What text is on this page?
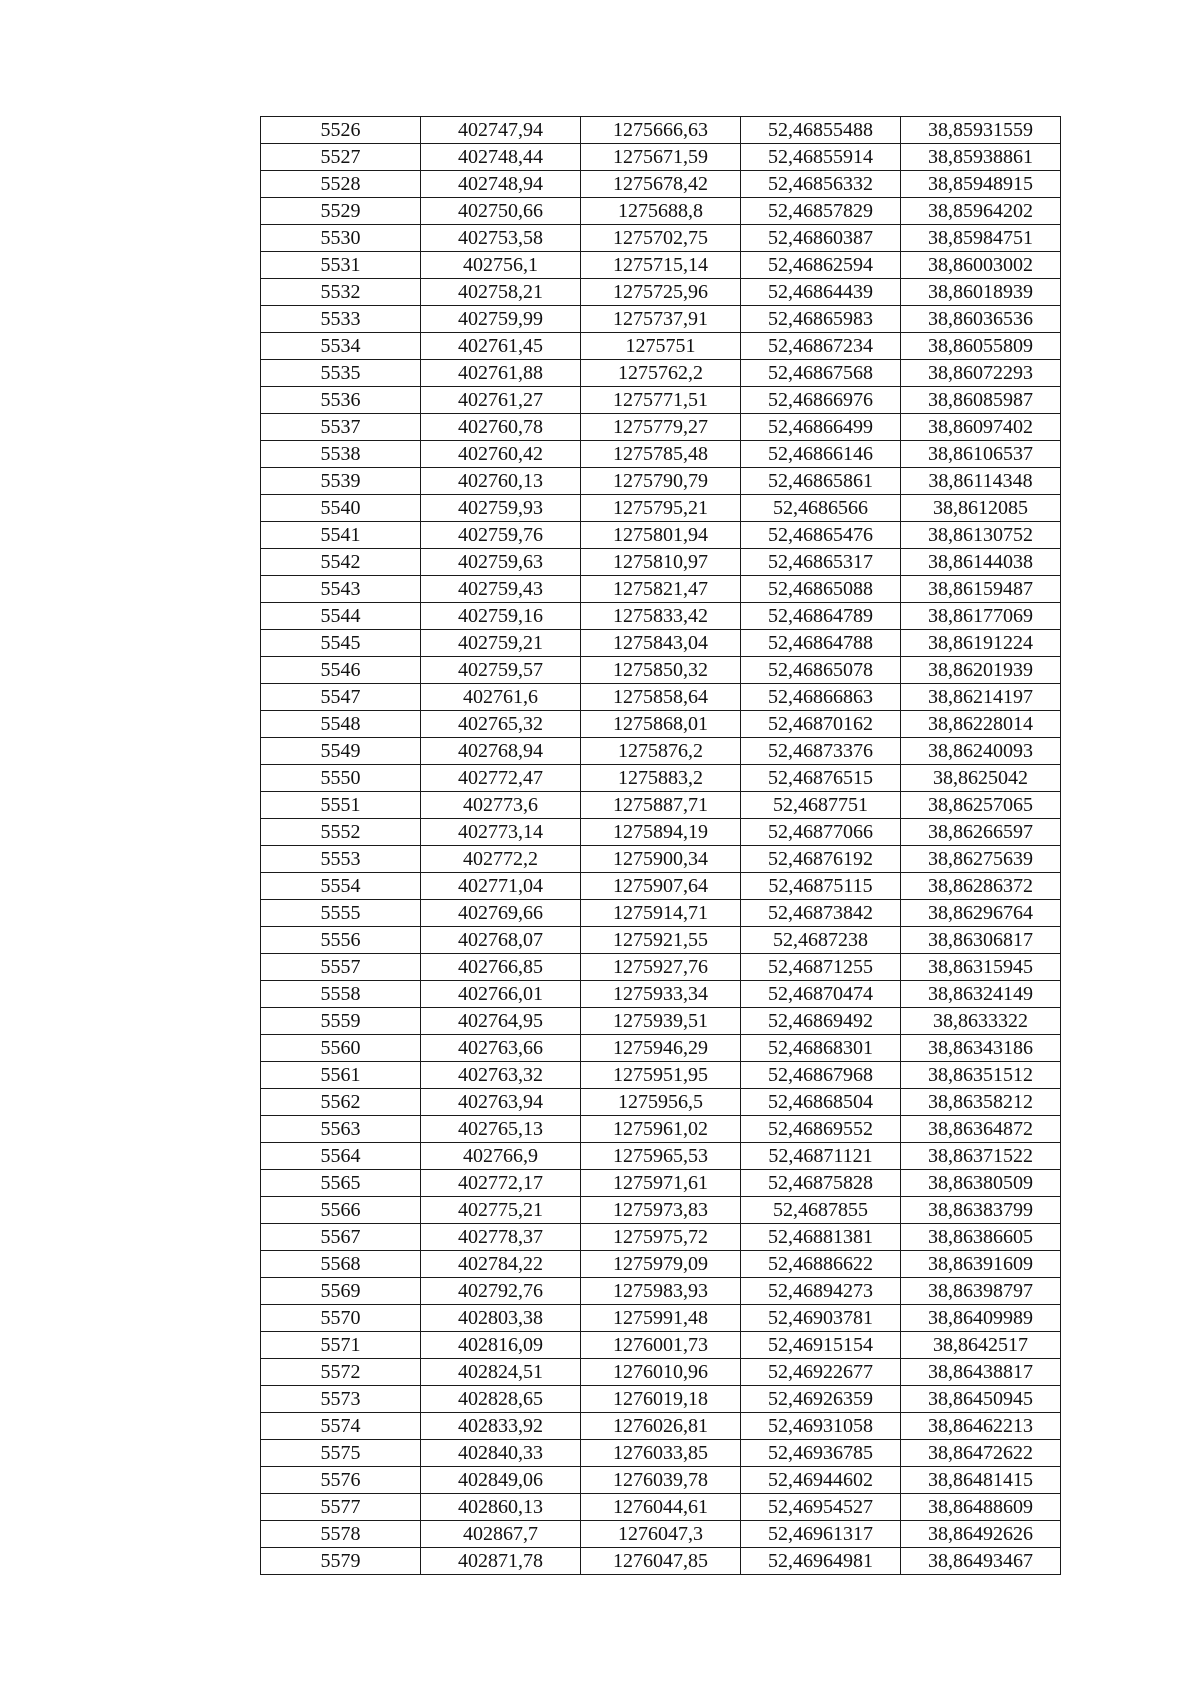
5526	402747,94	1275666,63	52,46855488	38,85931559
5527	402748,44	1275671,59	52,46855914	38,85938861
5528	402748,94	1275678,42	52,46856332	38,85948915
5529	402750,66	1275688,8	52,46857829	38,85964202
5530	402753,58	1275702,75	52,46860387	38,85984751
5531	402756,1	1275715,14	52,46862594	38,86003002
5532	402758,21	1275725,96	52,46864439	38,86018939
5533	402759,99	1275737,91	52,46865983	38,86036536
5534	402761,45	1275751	52,46867234	38,86055809
5535	402761,88	1275762,2	52,46867568	38,86072293
5536	402761,27	1275771,51	52,46866976	38,86085987
5537	402760,78	1275779,27	52,46866499	38,86097402
5538	402760,42	1275785,48	52,46866146	38,86106537
5539	402760,13	1275790,79	52,46865861	38,86114348
5540	402759,93	1275795,21	52,4686566	38,8612085
5541	402759,76	1275801,94	52,46865476	38,86130752
5542	402759,63	1275810,97	52,46865317	38,86144038
5543	402759,43	1275821,47	52,46865088	38,86159487
5544	402759,16	1275833,42	52,46864789	38,86177069
5545	402759,21	1275843,04	52,46864788	38,86191224
5546	402759,57	1275850,32	52,46865078	38,86201939
5547	402761,6	1275858,64	52,46866863	38,86214197
5548	402765,32	1275868,01	52,46870162	38,86228014
5549	402768,94	1275876,2	52,46873376	38,86240093
5550	402772,47	1275883,2	52,46876515	38,8625042
5551	402773,6	1275887,71	52,4687751	38,86257065
5552	402773,14	1275894,19	52,46877066	38,86266597
5553	402772,2	1275900,34	52,46876192	38,86275639
5554	402771,04	1275907,64	52,46875115	38,86286372
5555	402769,66	1275914,71	52,46873842	38,86296764
5556	402768,07	1275921,55	52,4687238	38,86306817
5557	402766,85	1275927,76	52,46871255	38,86315945
5558	402766,01	1275933,34	52,46870474	38,86324149
5559	402764,95	1275939,51	52,46869492	38,8633322
5560	402763,66	1275946,29	52,46868301	38,86343186
5561	402763,32	1275951,95	52,46867968	38,86351512
5562	402763,94	1275956,5	52,46868504	38,86358212
5563	402765,13	1275961,02	52,46869552	38,86364872
5564	402766,9	1275965,53	52,46871121	38,86371522
5565	402772,17	1275971,61	52,46875828	38,86380509
5566	402775,21	1275973,83	52,4687855	38,86383799
5567	402778,37	1275975,72	52,46881381	38,86386605
5568	402784,22	1275979,09	52,46886622	38,86391609
5569	402792,76	1275983,93	52,46894273	38,86398797
5570	402803,38	1275991,48	52,46903781	38,86409989
5571	402816,09	1276001,73	52,46915154	38,8642517
5572	402824,51	1276010,96	52,46922677	38,86438817
5573	402828,65	1276019,18	52,46926359	38,86450945
5574	402833,92	1276026,81	52,46931058	38,86462213
5575	402840,33	1276033,85	52,46936785	38,86472622
5576	402849,06	1276039,78	52,46944602	38,86481415
5577	402860,13	1276044,61	52,46954527	38,86488609
5578	402867,7	1276047,3	52,46961317	38,86492626
5579	402871,78	1276047,85	52,46964981	38,86493467
